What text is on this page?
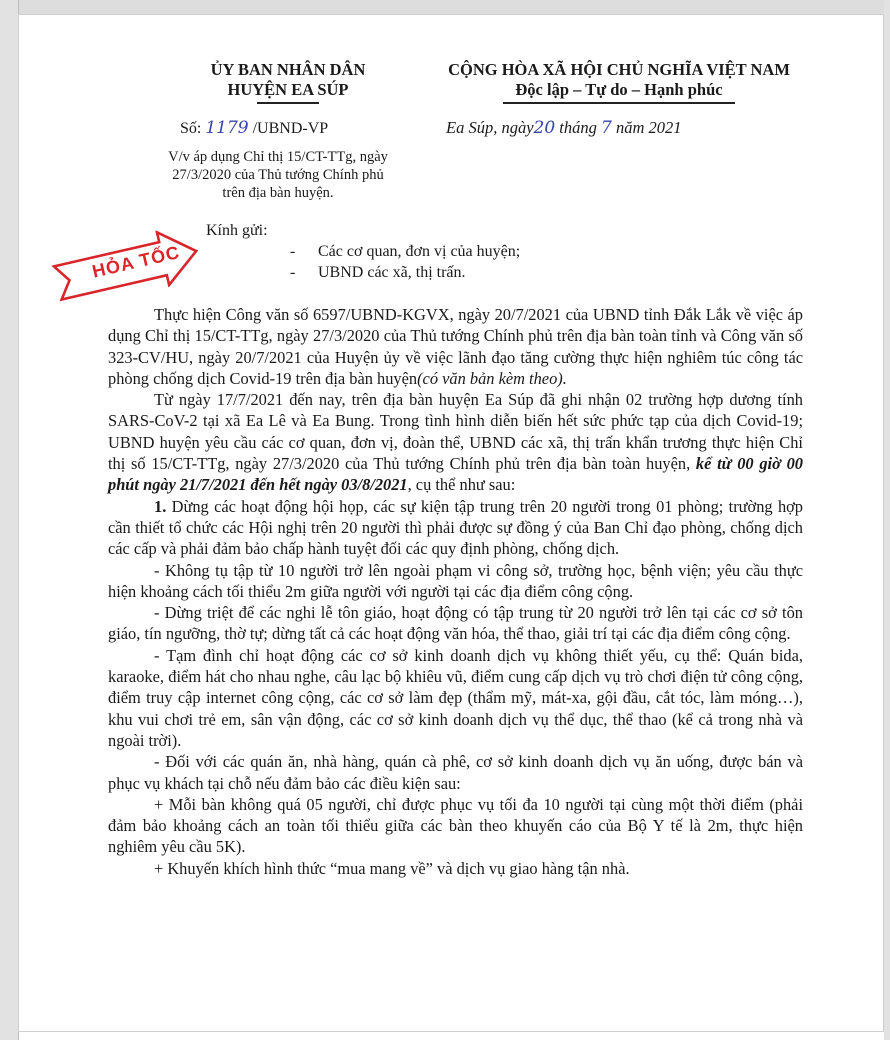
ỦY BAN NHÂN DÂN
HUYỆN EA SÚP
CỘNG HÒA XÃ HỘI CHỦ NGHĨA VIỆT NAM
Độc lập – Tự do – Hạnh phúc
Số: 1179 /UBND-VP	Ea Súp, ngày20 tháng 7 năm 2021
V/v áp dụng Chỉ thị 15/CT-TTg, ngày
27/3/2020 của Thủ tướng Chính phủ
trên địa bàn huyện.
HỎA TỐC
Kính gửi:
- Các cơ quan, đơn vị của huyện;
- UBND các xã, thị trấn.

Thực hiện Công văn số 6597/UBND-KGVX, ngày 20/7/2021 của UBND tỉnh Đắk Lắk về việc áp dụng Chỉ thị 15/CT-TTg, ngày 27/3/2020 của Thủ tướng Chính phủ trên địa bàn toàn tỉnh và Công văn số 323-CV/HU, ngày 20/7/2021 của Huyện ủy về việc lãnh đạo tăng cường thực hiện nghiêm túc công tác phòng chống dịch Covid-19 trên địa bàn huyện(có văn bản kèm theo).

Từ ngày 17/7/2021 đến nay, trên địa bàn huyện Ea Súp đã ghi nhận 02 trường hợp dương tính SARS-CoV-2 tại xã Ea Lê và Ea Bung. Trong tình hình diễn biến hết sức phức tạp của dịch Covid-19; UBND huyện yêu cầu các cơ quan, đơn vị, đoàn thể, UBND các xã, thị trấn khẩn trương thực hiện Chỉ thị số 15/CT-TTg, ngày 27/3/2020 của Thủ tướng Chính phủ trên địa bàn toàn huyện, kể từ 00 giờ 00 phút ngày 21/7/2021 đến hết ngày 03/8/2021, cụ thể như sau:

1. Dừng các hoạt động hội họp, các sự kiện tập trung trên 20 người trong 01 phòng; trường hợp cần thiết tổ chức các Hội nghị trên 20 người thì phải được sự đồng ý của Ban Chỉ đạo phòng, chống dịch các cấp và phải đảm bảo chấp hành tuyệt đối các quy định phòng, chống dịch.

- Không tụ tập từ 10 người trở lên ngoài phạm vi công sở, trường học, bệnh viện; yêu cầu thực hiện khoảng cách tối thiểu 2m giữa người với người tại các địa điểm công cộng.

- Dừng triệt để các nghi lễ tôn giáo, hoạt động có tập trung từ 20 người trở lên tại các cơ sở tôn giáo, tín ngưỡng, thờ tự; dừng tất cả các hoạt động văn hóa, thể thao, giải trí tại các địa điểm công cộng.

- Tạm đình chỉ hoạt động các cơ sở kinh doanh dịch vụ không thiết yếu, cụ thể: Quán bida, karaoke, điểm hát cho nhau nghe, câu lạc bộ khiêu vũ, điểm cung cấp dịch vụ trò chơi điện tử công cộng, điểm truy cập internet công cộng, các cơ sở làm đẹp (thẩm mỹ, mát-xa, gội đầu, cắt tóc, làm móng…), khu vui chơi trẻ em, sân vận động, các cơ sở kinh doanh dịch vụ thể dục, thể thao (kể cả trong nhà và ngoài trời).

- Đối với các quán ăn, nhà hàng, quán cà phê, cơ sở kinh doanh dịch vụ ăn uống, được bán và phục vụ khách tại chỗ nếu đảm bảo các điều kiện sau:

+ Mỗi bàn không quá 05 người, chỉ được phục vụ tối đa 10 người tại cùng một thời điểm (phải đảm bảo khoảng cách an toàn tối thiểu giữa các bàn theo khuyến cáo của Bộ Y tế là 2m, thực hiện nghiêm yêu cầu 5K).

+ Khuyến khích hình thức “mua mang về” và dịch vụ giao hàng tận nhà.
